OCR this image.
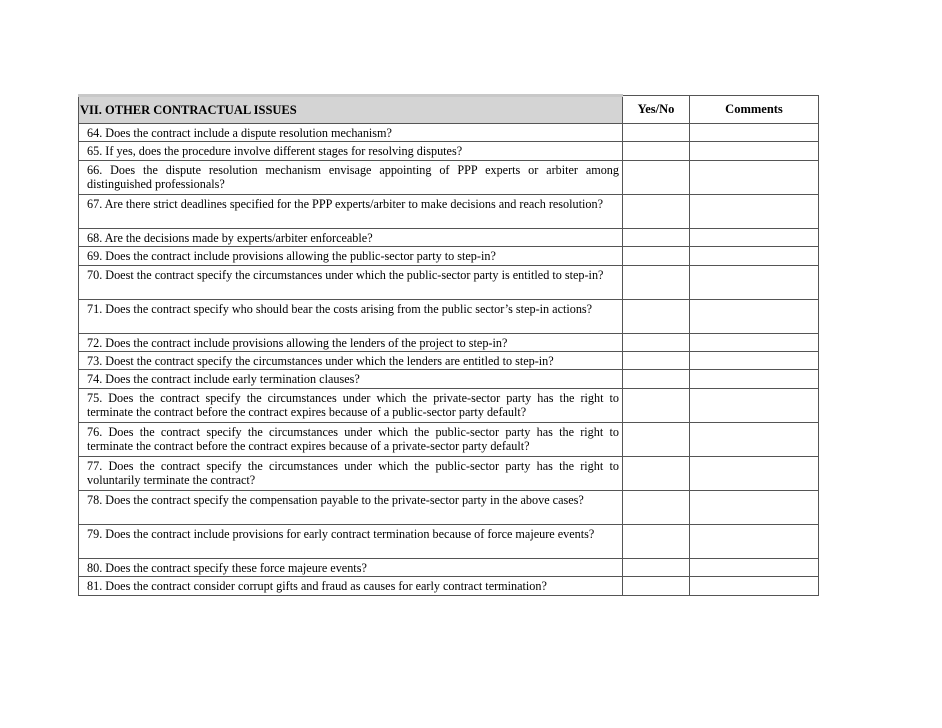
VII. OTHER CONTRACTUAL ISSUES	Yes/No	Comments
64. Does the contract include a dispute resolution mechanism?		
65. If yes, does the procedure involve different stages for resolving disputes?		
66. Does the dispute resolution mechanism envisage appointing of PPP experts or arbiter among distinguished professionals?		
67. Are there strict deadlines specified for the PPP experts/arbiter to make decisions and reach resolution?		
68. Are the decisions made by experts/arbiter enforceable?		
69. Does the contract include provisions allowing the public-sector party to step-in?		
70. Doest the contract specify the circumstances under which the public-sector party is entitled to step-in?		
71. Does the contract specify who should bear the costs arising from the public sector’s step-in actions?		
72. Does the contract include provisions allowing the lenders of the project to step-in?		
73. Doest the contract specify the circumstances under which the lenders are entitled to step-in?		
74. Does the contract include early termination clauses?		
75. Does the contract specify the circumstances under which the private-sector party has the right to terminate the contract before the contract expires because of a public-sector party default?		
76. Does the contract specify the circumstances under which the public-sector party has the right to terminate the contract before the contract expires because of a private-sector party default?		
77. Does the contract specify the circumstances under which the public-sector party has the right to voluntarily terminate the contract?		
78. Does the contract specify the compensation payable to the private-sector party in the above cases?		
79. Does the contract include provisions for early contract termination because of force majeure events?		
80. Does the contract specify these force majeure events?		
81. Does the contract consider corrupt gifts and fraud as causes for early contract termination?		
